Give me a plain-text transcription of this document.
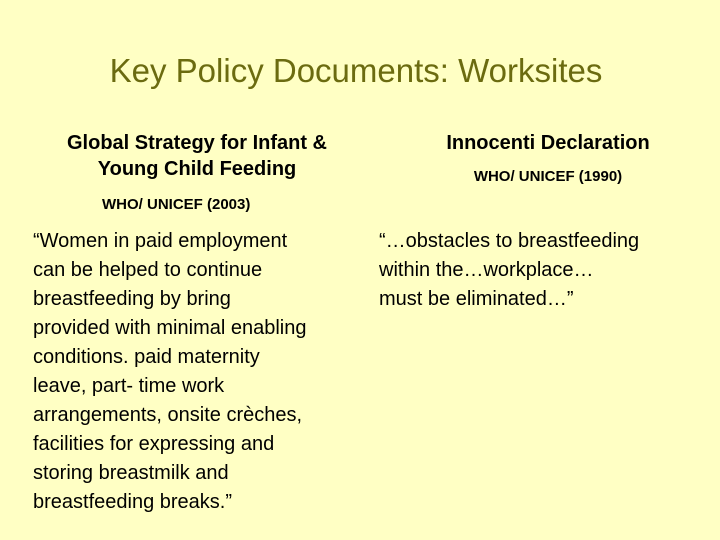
Key Policy Documents: Worksites
Global Strategy for Infant &
Young Child Feeding
WHO/ UNICEF (2003)
Innocenti Declaration
WHO/ UNICEF (1990)
“Women in paid employment
can be helped to continue
breastfeeding by bring
provided with minimal enabling
conditions. paid maternity
leave, part- time work
arrangements, onsite crèches,
facilities for expressing and
storing breastmilk and
breastfeeding breaks.”
“…obstacles to breastfeeding
within the…workplace…
must be eliminated…”
